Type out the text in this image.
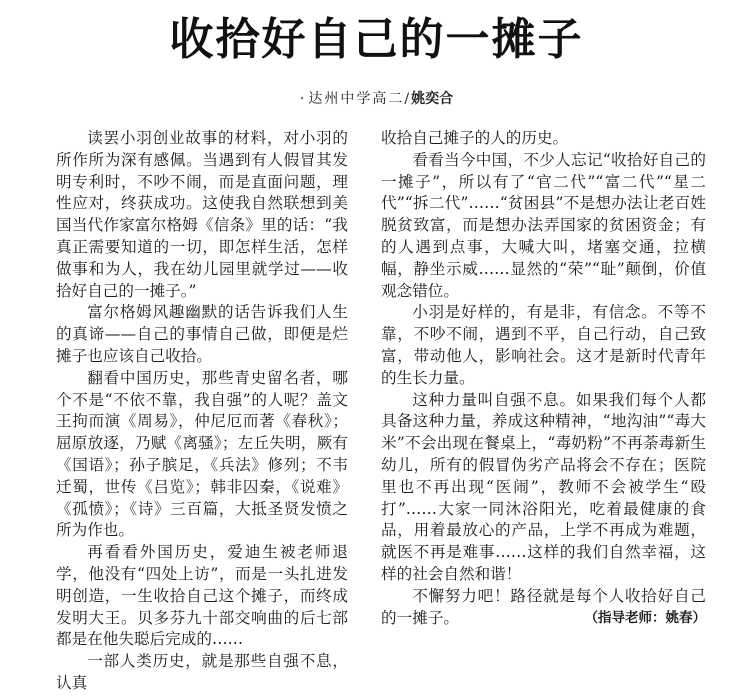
收拾好自己的一摊子
· 达州中学高二/姚奕合

读罢小羽创业故事的材料，对小羽的所作所为深有感佩。当遇到有人假冒其发明专利时，不吵不闹，而是直面问题，理性应对，终获成功。这使我自然联想到美国当代作家富尔格姆《信条》里的话：“我真正需要知道的一切，即怎样生活，怎样做事和为人，我在幼儿园里就学过——收拾好自己的一摊子。”

富尔格姆风趣幽默的话告诉我们人生的真谛——自己的事情自己做，即便是烂摊子也应该自己收拾。

翻看中国历史，那些青史留名者，哪个不是“不依不靠，我自强”的人呢？盖文王拘而演《周易》，仲尼厄而著《春秋》；屈原放逐，乃赋《离骚》；左丘失明，厥有《国语》；孙子膑足，《兵法》修列；不韦迁蜀，世传《吕览》；韩非囚秦，《说难》《孤愤》；《诗》三百篇，大抵圣贤发愤之所为作也。

再看看外国历史，爱迪生被老师退学，他没有“四处上访”，而是一头扎进发明创造，一生收拾自己这个摊子，而终成发明大王。贝多芬九十部交响曲的后七部都是在他失聪后完成的……

一部人类历史，就是那些自强不息，认真

收拾自己摊子的人的历史。

看看当今中国，不少人忘记“收拾好自己的一摊子”，所以有了“官二代”“富二代”“星二代”“拆二代”……“贫困县”不是想办法让老百姓脱贫致富，而是想办法弄国家的贫困资金；有的人遇到点事，大喊大叫，堵塞交通，拉横幅，静坐示威……显然的“荣”“耻”颠倒，价值观念错位。

小羽是好样的，有是非，有信念。不等不靠，不吵不闹，遇到不平，自己行动，自己致富，带动他人，影响社会。这才是新时代青年的生长力量。

这种力量叫自强不息。如果我们每个人都具备这种力量，养成这种精神，“地沟油”“毒大米”不会出现在餐桌上，“毒奶粉”不再荼毒新生幼儿，所有的假冒伪劣产品将会不存在；医院里也不再出现“医闹”，教师不会被学生“殴打”……大家一同沐浴阳光，吃着最健康的食品，用着最放心的产品，上学不再成为难题，就医不再是难事……这样的我们自然幸福，这样的社会自然和谐！

不懈努力吧！路径就是每个人收拾好自己的一摊子。	（指导老师：姚春）
